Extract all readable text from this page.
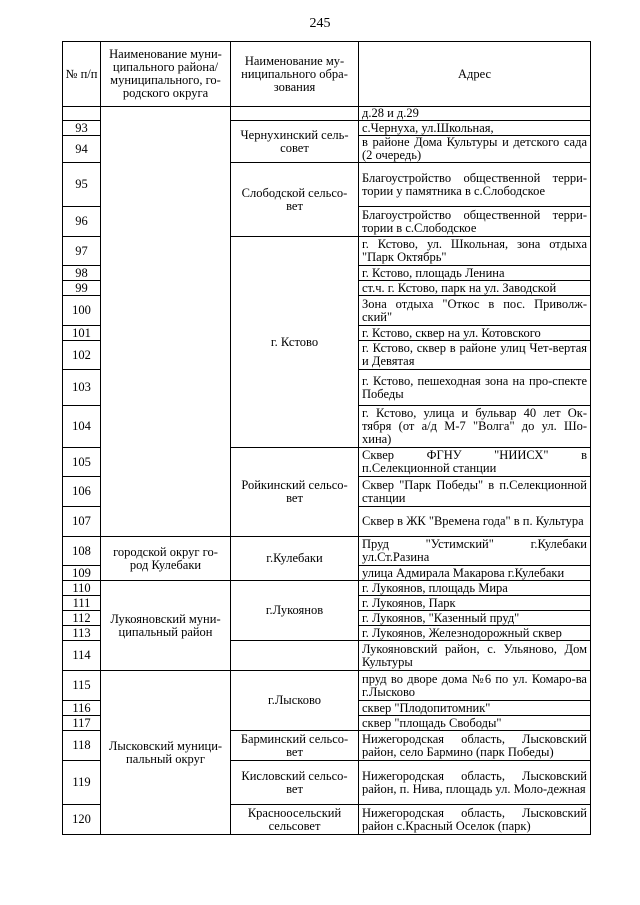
245
№ п/п	Наименование муни-ципального района/ муниципального, го-родского округа	Наименование му-ниципального обра-зования	Адрес
			д.28 и д.29
93		Чернухинский сель-совет	с.Чернуха, ул.Школьная,
94			в районе Дома Культуры и детского сада (2 очередь)
95		Слободской сельсо-вет	Благоустройство общественной терри-тории у памятника в с.Слободское
96			Благоустройство общественной терри-тории в с.Слободское
97		г. Кстово	г. Кстово, ул. Школьная, зона отдыха "Парк Октябрь"
98			г. Кстово, площадь Ленина
99			ст.ч. г. Кстово, парк на ул. Заводской
100			Зона отдыха "Откос в пос. Приволж-ский"
101			г. Кстово, сквер на ул. Котовского
102			г. Кстово, сквер в районе улиц Чет-вертая и Девятая
103			г. Кстово, пешеходная зона на про-спекте Победы
104			г. Кстово, улица и бульвар 40 лет Ок-тября (от а/д М-7 "Волга" до ул. Шо-хина)
105		Ройкинский сельсо-вет	Сквер ФГНУ "НИИСХ" в п.Селекционной станции
106			Сквер "Парк Победы" в п.Селекционной станции
107			Сквер в ЖК "Времена года" в п. Культура
108	городской округ го-род Кулебаки	г.Кулебаки	Пруд "Устимский" г.Кулебаки ул.Ст.Разина
109			улица Адмирала Макарова г.Кулебаки
110	Лукояновский муни-ципальный район	г.Лукоянов	г. Лукоянов, площадь Мира
111			г. Лукоянов, Парк
112			г. Лукоянов, "Казенный пруд"
113			г. Лукоянов, Железнодорожный сквер
114			Лукояновский район, с. Ульяново, Дом Культуры
115	Лысковский муници-пальный округ	г.Лысково	пруд во дворе дома №6 по ул. Комаро-ва г.Лысково
116			сквер "Плодопитомник"
117			сквер "площадь Свободы"
118		Барминский сельсо-вет	Нижегородская область, Лысковский район, село Бармино (парк Победы)
119		Кисловский сельсо-вет	Нижегородская область, Лысковский район, п. Нива, площадь ул. Моло-дежная
120		Красноосельский сельсовет	Нижегородская область, Лысковский район с.Красный Оселок (парк)
